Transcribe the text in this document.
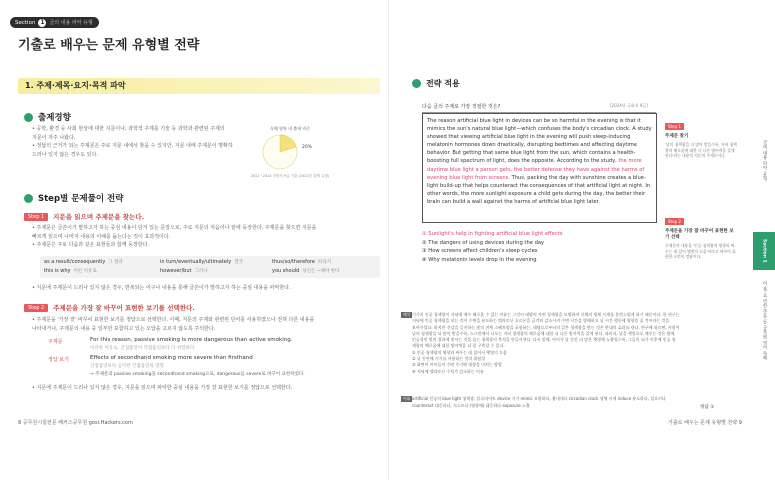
Section 1 글의 내용 파악 유형
기출로 배우는 문제 유형별 전략
1. 주제·제목·요지·목적 파악
출제경향
• 공학, 환경 등 사회 현상에 대한 지문이나, 과학적 주제를 기술 등 과학과 관련된 주제의
지문이 자주 나왔다.
• 정답의 근거가 되는 주제문은 주로 지문 내에서 찾을 수 있지만, 지문 내에 주제문이 명확하
드러나 있지 않은 경우도 있다.
독해 영역 내 출제 비중
20%
2021~2024 지방직 9급 기출 (2022년 출제 유형)
Step별 문제풀이 전략
Step 1	지문을 읽으며 주제문을 찾는다.
• 주제문은 글쓴이가 말하고자 하는 중심 내용이 담겨 있는 문장으로, 주로 지문의 처음이나 끝에 등장한다. 주제문을 찾으면 지문을
빠르게 읽으며 나머지 내용의 이해를 돕는다는 것이 효과적이다.
• 주제문은 주로 다음과 같은 표현들과 함께 등장한다.
as a result/consequently 그 결과	in turn/eventually/ultimately 결국	thus/so/therefore 따라서
this is why 이런 이유로	however/but 그러나	you should 당신은 ~해야 한다
• 지문에 주제문이 드러나 있지 않은 경우, 반복되는 어구나 내용을 통해 글쓴이가 말하고자 하는 중심 내용을 파악한다.
Step 2	주제문을 가장 잘 바꾸어 표현한 보기를 선택한다.
• 주제문을 '가장 잘' 바꾸어 표현한 보기를 정답으로 선택한다. 이때, 지문의 주제와 관련된 단어를 사용하였으나 전혀 다른 내용을
나타내거나, 주제문의 내용 중 일부만 포함하고 있는 오답을 고르지 않도록 주의한다.
주제문	For this reason, passive smoking is more dangerous than active smoking.
이러한 이유로, 간접흡연이 직접흡연보다 더 위험하다.
정답 보기	Effects of secondhand smoking more severe than firsthand
간접흡연보다 심각한 간접흡연의 영향
→ 주제문의 passive smoking을 secondhand smoking으로, dangerous를 severe로 바꾸어 표현하였다.
• 지문에 주제문이 드러나 있지 않은 경우, 지문을 읽으며 파악한 중심 내용을 가장 잘 표현한 보기를 정답으로 선택한다.
8 공무원시험전문 해커스공무원 gosi.Hackers.com
전략 적용
다음 글의 주제로 가장 적절한 것은?	[2024년 국회직 9급]
The reason artificial blue light in devices can be so harmful in the evening is that it mimics the sun's natural blue light—which confuses the body's circadian clock. A study showed that viewing artificial blue light in the evening will push sleep-inducing melatonin hormones down drastically, disrupting bedtimes and affecting daytime behavior. But getting that same blue light from the sun, which contains a health-boosting full spectrum of light, does the opposite. According to the study, the more daytime blue light a person gets, the better defense they have against the harms of evening blue light from screens. Thus, packing the day with sunshine creates a blue-light build-up that helps counteract the consequences of that artificial light at night. In other words, the more sunlight exposure a child gets during the day, the better their brain can build a wall against the harms of artificial blue light later.
① Sunlight's help in fighting artificial blue light effects
② The dangers of using devices during the day
③ How screens affect children's sleep cycles
④ Why melatonin levels drop in the evening
Step 1
주제문 찾기
'낮의 청색광을 더 많이 받을수록, 저녁 청색광의 해로움에 대한 더 나은 방어력을 갖게 된다'라는 내용의 지문의 주제문이다.
Step 2
주제문을 가장 잘 바꾸어 표현한 보기 선택
주제문의 내용을 '인공 청색광의 영향과 싸우는 데 있어 햇빛의 도움'이라고 바꾸어 표현한 ①번이 정답이다.
해석 기기의 인공 청색광이 저녁에 매우 해로울 수 있는 이유는 그것이 태양의 자연 청색광을 모방하여 신체의 생체 시계를 혼란스럽게 하기 때문이다. 한 연구는
저녁에 인공 청색광을 보는 것이 수면을 유도하는 멜라토닌 호르몬을 급격히 감소시켜 수면 시간을 방해하고 낮 시간 행동에 영향을 줄 것이라는 것을
보여주었다. 하지만 건강을 증진하는 빛의 전체 스펙트럼을 포함하는, 태양으로부터의 같은 청색광을 받는 것은 반대의 효과를 낸다. 연구에 따르면, 사람이
낮의 청색광을 더 많이 받을수록, 스크린에서 나오는 저녁 청색광의 해로움에 대한 더 나은 방어력을 갖게 된다. 따라서, 낮을 햇빛으로 채우는 것은 밤에
인공적인 빛의 결과에 맞서는 것을 돕는 청색광의 축적을 만들어낸다. 다시 말해, 아이가 낮 동안 더 많은 햇빛에 노출될수록, 그들의 뇌가 이후에 인공 청
색광의 해로움에 대한 방어벽을 더 잘 구축할 수 있다.
① 인공 청색광의 영향과 싸우는 데 있어서 햇빛의 도움
② 낮 동안에 기기를 사용하는 것의 위험성
③ 화면이 아이들의 수면 주기에 영향을 미치는 방법
④ 저녁에 멜라토닌 수치가 감소하는 이유
어휘 artificial 인공의 blue light 청색광, 블루라이트 device 기기 mimic 모방하다, 흉내내다 circadian clock 생체 시계 induce 유도하다, 일으키다
counteract 대응하다, 거스르다 (영향에) 대응하다 exposure 노출	정답 ①
기출로 배우는 문제 유형별 전략 9
글의 내용 파악 유형
Section 1
이·목·요 빈칸 추론 등 공무원 영어 독해
